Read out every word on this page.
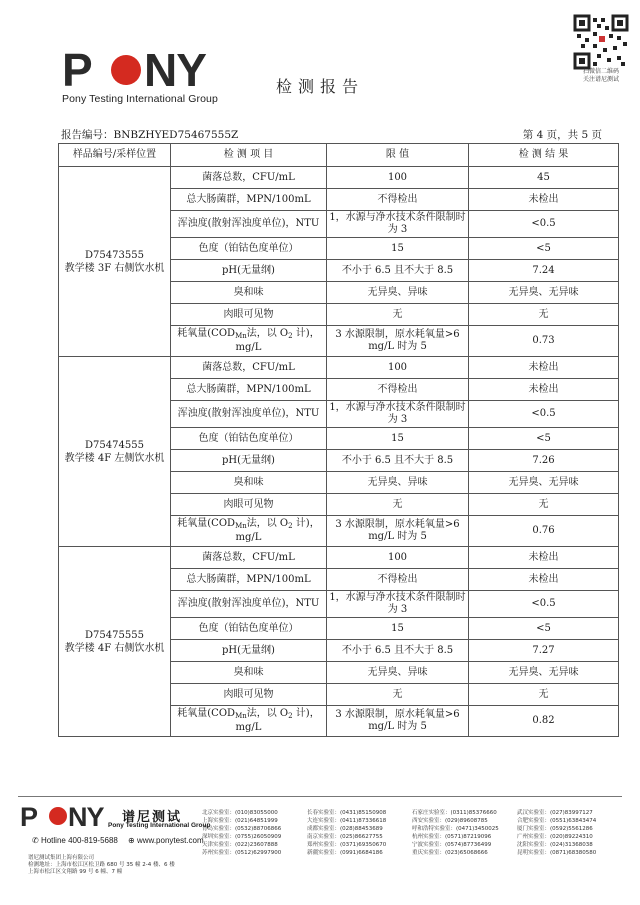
P NY
Pony Testing International Group
检测报告
扫微信二维码
关注谱尼测试
报告编号：BNBZHYED75467555Z	第 4 页，共 5 页
样品编号/采样位置	检 测 项 目	限 值	检 测 结 果

D75473555
教学楼 3F 右侧饮水机	菌落总数，CFU/mL	100	45
	总大肠菌群，MPN/100mL	不得检出	未检出
	浑浊度(散射浑浊度单位)，NTU	1，水源与净水技术条件限制时为 3	<0.5
	色度（铂钴色度单位）	15	<5
	pH(无量纲)	不小于 6.5 且不大于 8.5	7.24
	臭和味	无异臭、异味	无异臭、无异味
	肉眼可见物	无	无
	耗氧量($COD_{Mn}$法，以 $O_2$ 计)，mg/L	3 水源限制，原水耗氧量>6 mg/L 时为 5	0.73

D75474555
教学楼 4F 左侧饮水机	菌落总数，CFU/mL	100	未检出
	总大肠菌群，MPN/100mL	不得检出	未检出
	浑浊度(散射浑浊度单位)，NTU	1，水源与净水技术条件限制时为 3	<0.5
	色度（铂钴色度单位）	15	<5
	pH(无量纲)	不小于 6.5 且不大于 8.5	7.26
	臭和味	无异臭、异味	无异臭、无异味
	肉眼可见物	无	无
	耗氧量($COD_{Mn}$法，以 $O_2$ 计)，mg/L	3 水源限制，原水耗氧量>6 mg/L 时为 5	0.76

D75475555
教学楼 4F 右侧饮水机	菌落总数，CFU/mL	100	未检出
	总大肠菌群，MPN/100mL	不得检出	未检出
	浑浊度(散射浑浊度单位)，NTU	1，水源与净水技术条件限制时为 3	<0.5
	色度（铂钴色度单位）	15	<5
	pH(无量纲)	不小于 6.5 且不大于 8.5	7.27
	臭和味	无异臭、异味	无异臭、无异味
	肉眼可见物	无	无
	耗氧量($COD_{Mn}$法，以 $O_2$ 计)，mg/L	3 水源限制，原水耗氧量>6 mg/L 时为 5	0.82
P NY 谱尼测试
Pony Testing International Group
✆ Hotline 400-819-5688 ⊕ www.ponytest.com
谱尼测试集团上海有限公司
检测地址：上海市松江区松卫路 680 号 35 幢 2-4 楼、6 楼
上海市松江区文翔路 99 号 6 幢、7 幢
北京实验室：(010)83055000	长春实验室：(0431)85150908	石家庄实验室：(0311)85376660	武汉实验室：(027)83997127
上海实验室：(021)64851999	大连实验室：(0411)87336618	西安实验室：(029)89608785	合肥实验室：(0551)63843474
青岛实验室：(0532)88706866	成都实验室：(028)88453689	呼和浩特实验室：(0471)3450025	厦门实验室：(0592)5561286
深圳实验室：(0755)26050909	南京实验室：(025)86627755	杭州实验室：(0571)87219096	广州实验室：(020)89224310
天津实验室：(022)23607888	郑州实验室：(0371)69350670	宁波实验室：(0574)87736499	沈阳实验室：(024)31368038
苏州实验室：(0512)62997900	新疆实验室：(0991)6684186	重庆实验室：(023)65068666	昆明实验室：(0871)68380580
